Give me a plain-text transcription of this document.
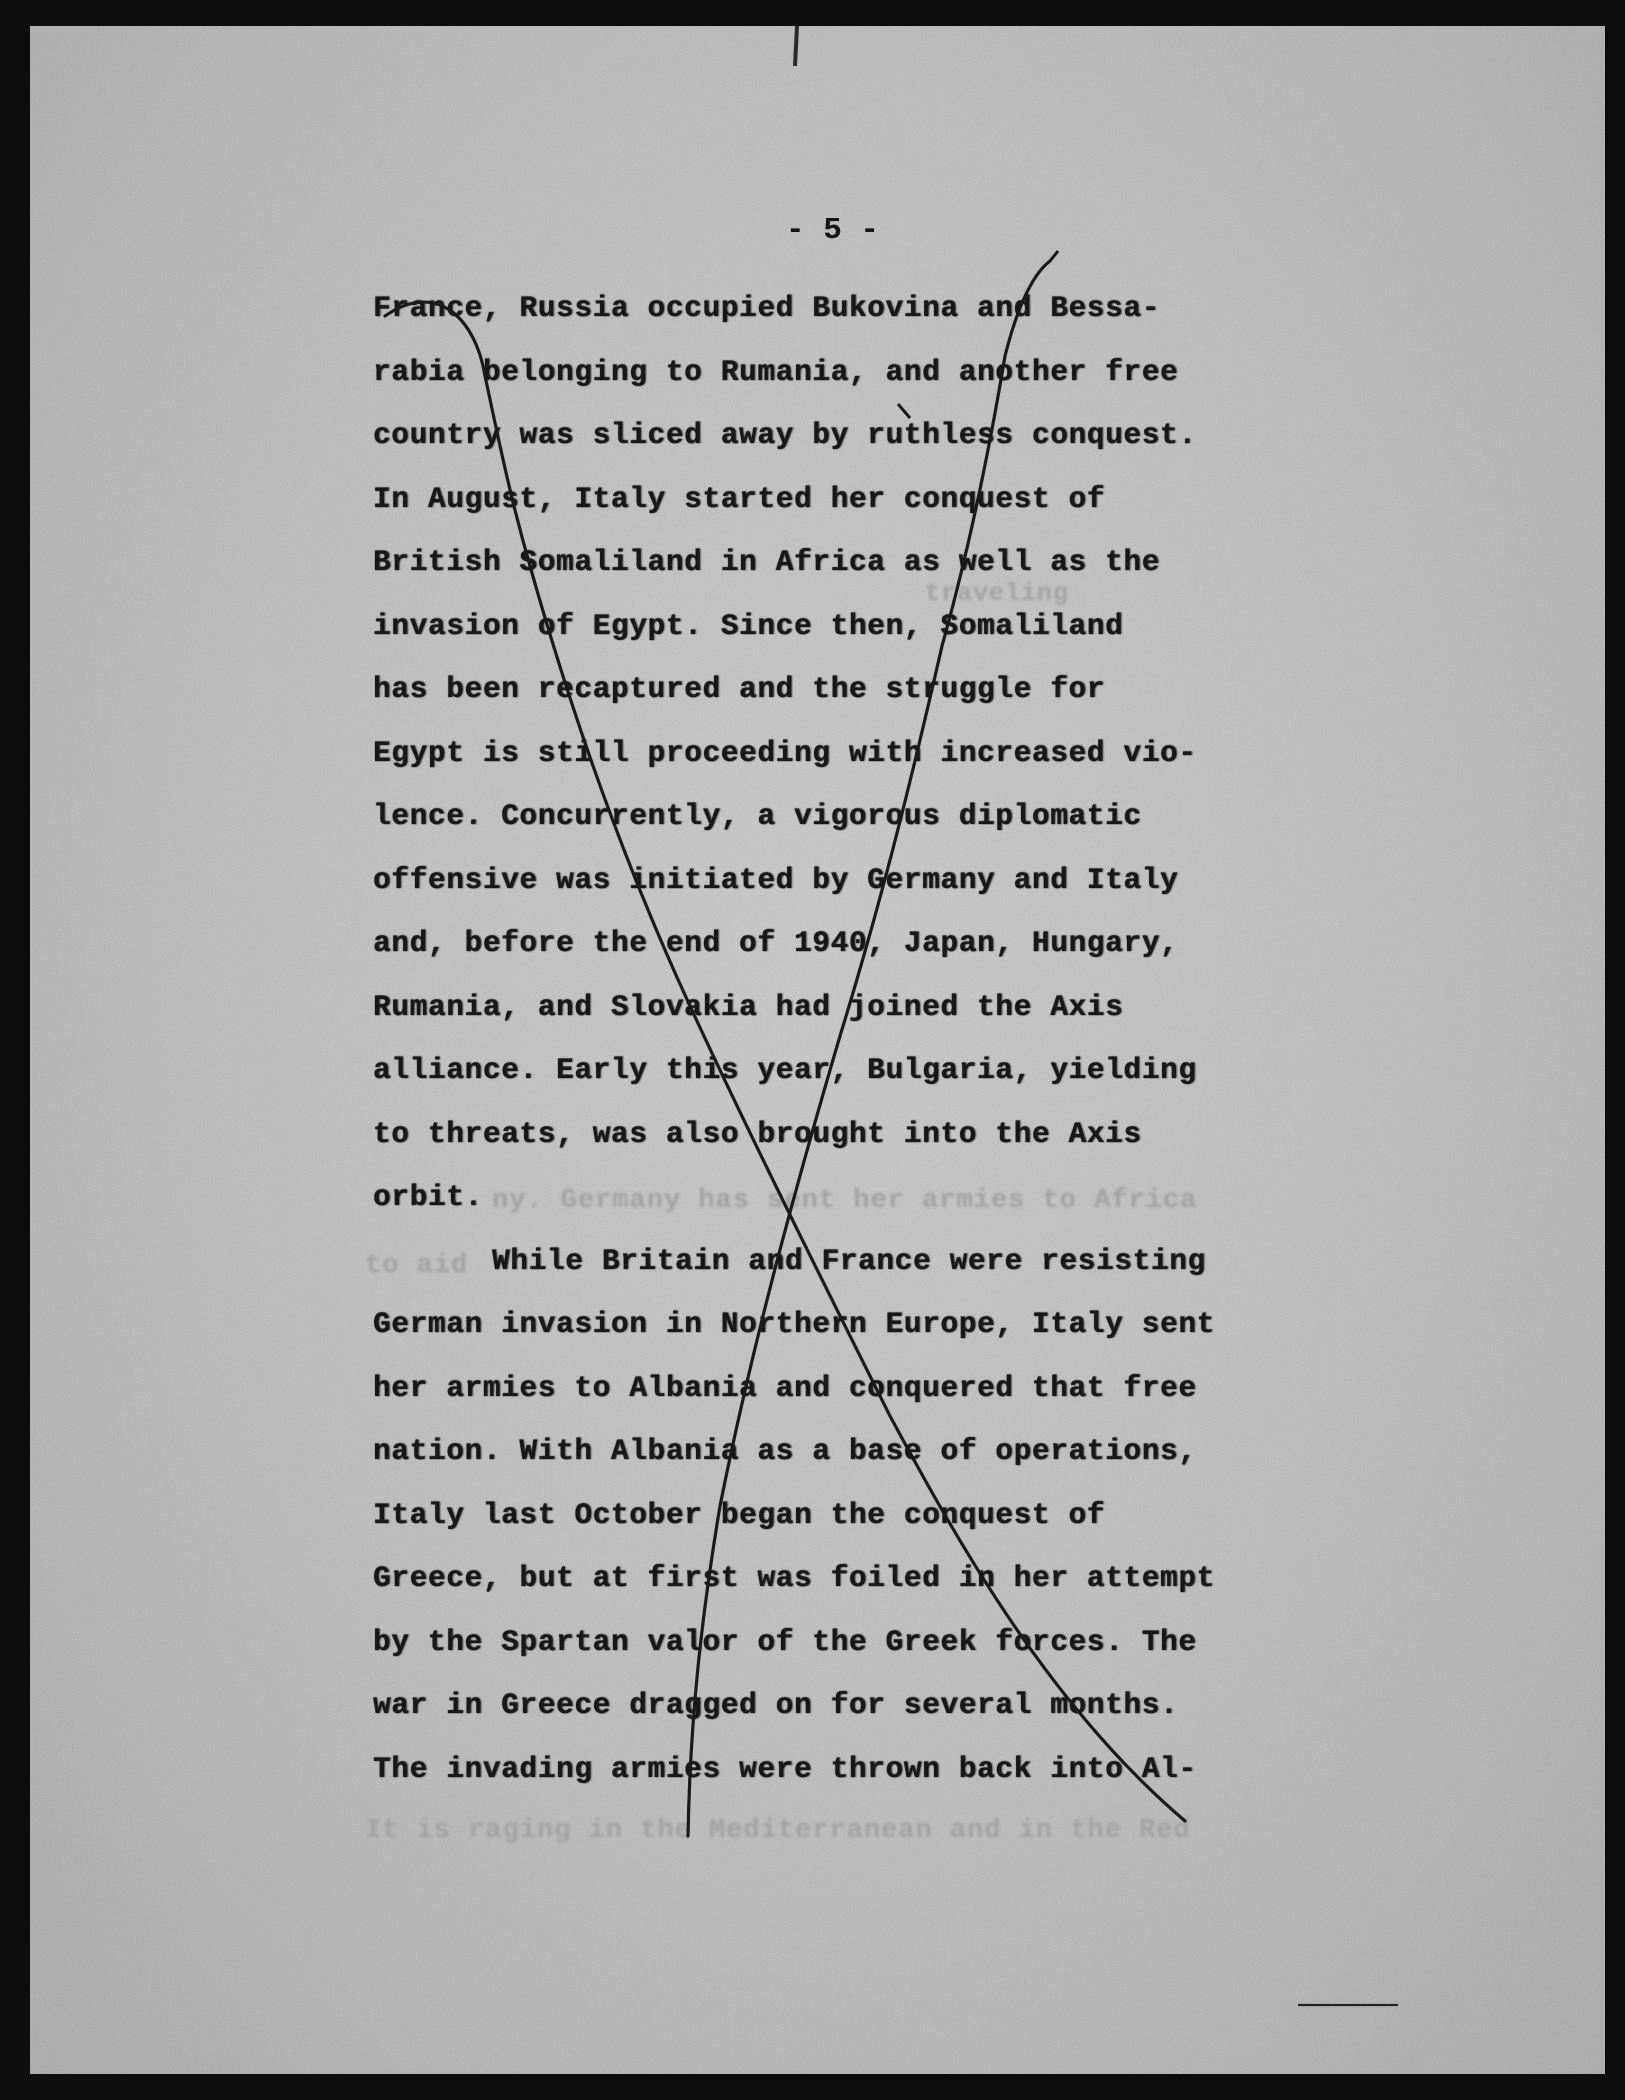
traveling
ny. Germany has sent her armies to Africa
to aid
It is raging in the Mediterranean and in the Red
- 5 -
France, Russia occupied Bukovina and Bessa-
rabia belonging to Rumania, and another free
country was sliced away by ruthless conquest.
In August, Italy started her conquest of
British Somaliland in Africa as well as the
invasion of Egypt. Since then, Somaliland
has been recaptured and the struggle for
Egypt is still proceeding with increased vio-
lence. Concurrently, a vigorous diplomatic
offensive was initiated by Germany and Italy
and, before the end of 1940, Japan, Hungary,
Rumania, and Slovakia had joined the Axis
alliance. Early this year, Bulgaria, yielding
to threats, was also brought into the Axis
orbit.
While Britain and France were resisting
German invasion in Northern Europe, Italy sent
her armies to Albania and conquered that free
nation. With Albania as a base of operations,
Italy last October began the conquest of
Greece, but at first was foiled in her attempt
by the Spartan valor of the Greek forces. The
war in Greece dragged on for several months.
The invading armies were thrown back into Al-
